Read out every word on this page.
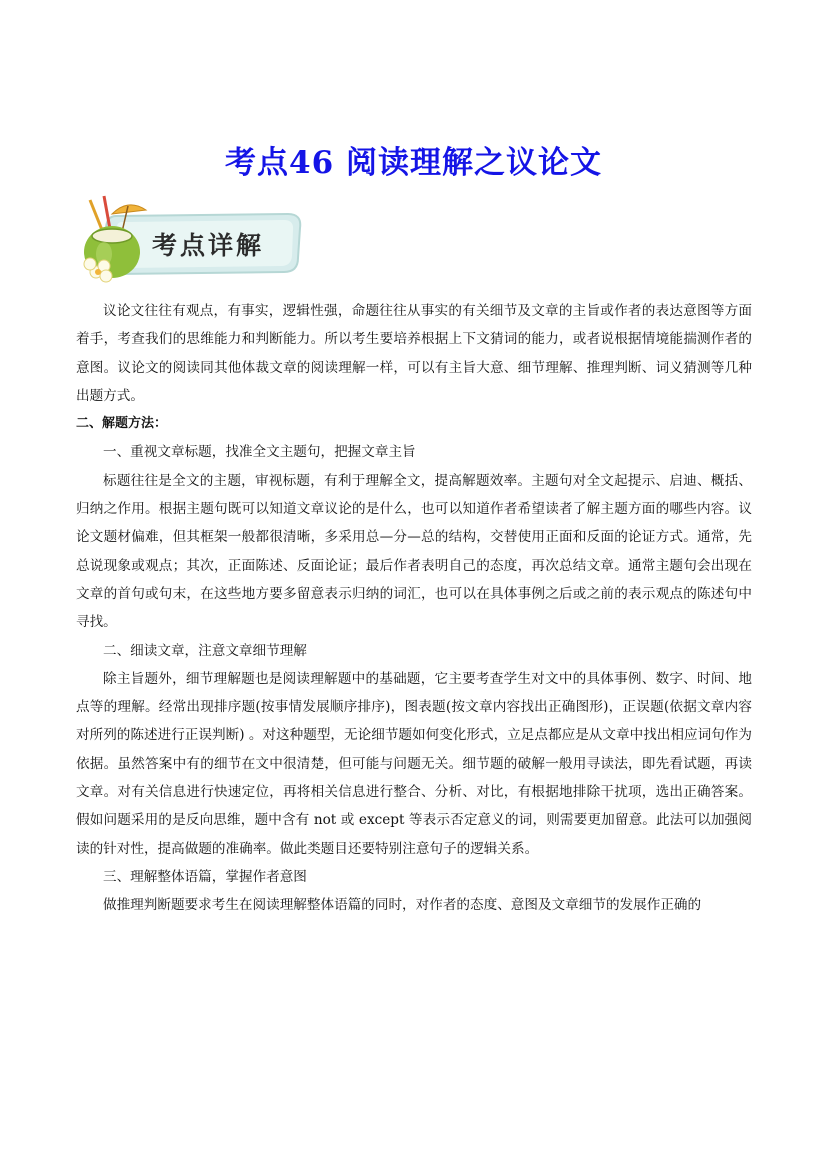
考点46 阅读理解之议论文
考点详解

议论文往往有观点，有事实，逻辑性强，命题往往从事实的有关细节及文章的主旨或作者的表达意图等方面着手，考查我们的思维能力和判断能力。所以考生要培养根据上下文猜词的能力，或者说根据情境能揣测作者的意图。议论文的阅读同其他体裁文章的阅读理解一样，可以有主旨大意、细节理解、推理判断、词义猜测等几种出题方式。

二、解题方法：

一、重视文章标题，找准全文主题句，把握文章主旨

标题往往是全文的主题，审视标题，有利于理解全文，提高解题效率。主题句对全文起提示、启迪、概括、归纳之作用。根据主题句既可以知道文章议论的是什么，也可以知道作者希望读者了解主题方面的哪些内容。议论文题材偏难，但其框架一般都很清晰，多采用总—分—总的结构，交替使用正面和反面的论证方式。通常，先总说现象或观点；其次，正面陈述、反面论证；最后作者表明自己的态度，再次总结文章。通常主题句会出现在文章的首句或句末，在这些地方要多留意表示归纳的词汇，也可以在具体事例之后或之前的表示观点的陈述句中寻找。

二、细读文章，注意文章细节理解

除主旨题外，细节理解题也是阅读理解题中的基础题，它主要考查学生对文中的具体事例、数字、时间、地点等的理解。经常出现排序题(按事情发展顺序排序)，图表题(按文章内容找出正确图形)，正误题(依据文章内容对所列的陈述进行正误判断) 。对这种题型，无论细节题如何变化形式，立足点都应是从文章中找出相应词句作为依据。虽然答案中有的细节在文中很清楚，但可能与问题无关。细节题的破解一般用寻读法，即先看试题，再读文章。对有关信息进行快速定位，再将相关信息进行整合、分析、对比，有根据地排除干扰项，选出正确答案。假如问题采用的是反向思维，题中含有 not 或 except 等表示否定意义的词，则需要更加留意。此法可以加强阅读的针对性，提高做题的准确率。做此类题目还要特别注意句子的逻辑关系。

三、理解整体语篇，掌握作者意图

做推理判断题要求考生在阅读理解整体语篇的同时，对作者的态度、意图及文章细节的发展作正确的
